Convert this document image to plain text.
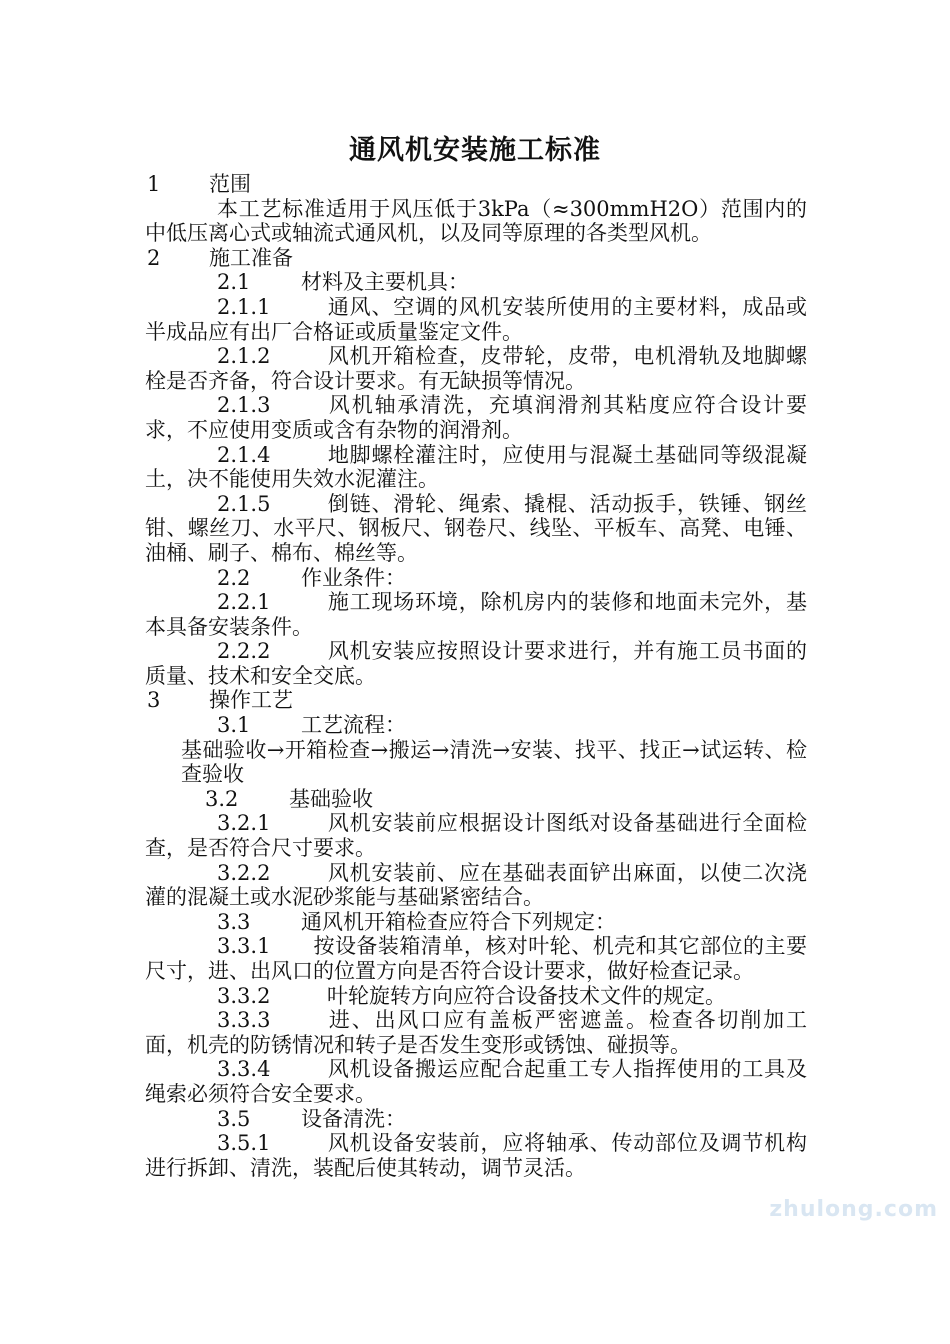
通风机安装施工标准

1 范围

本工艺标准适用于风压低于3kPa（≈300mmH2O）范围内的中低压离心式或轴流式通风机，以及同等原理的各类型风机。

2 施工准备

2.1 材料及主要机具：

2.1.1	通风、空调的风机安装所使用的主要材料，成品或半成品应有出厂合格证或质量鉴定文件。

2.1.2	风机开箱检查，皮带轮，皮带，电机滑轨及地脚螺栓是否齐备，符合设计要求。有无缺损等情况。

2.1.3	风机轴承清洗，充填润滑剂其粘度应符合设计要求，不应使用变质或含有杂物的润滑剂。

2.1.4	地脚螺栓灌注时，应使用与混凝土基础同等级混凝土，决不能使用失效水泥灌注。

2.1.5	倒链、滑轮、绳索、撬棍、活动扳手，铁锤、钢丝钳、螺丝刀、水平尺、钢板尺、钢卷尺、线坠、平板车、高凳、电锤、油桶、刷子、棉布、棉丝等。

2.2 作业条件：

2.2.1	施工现场环境，除机房内的装修和地面未完外，基本具备安装条件。

2.2.2	风机安装应按照设计要求进行，并有施工员书面的质量、技术和安全交底。

3 操作工艺

3.1 工艺流程：

基础验收→开箱检查→搬运→清洗→安装、找平、找正→试运转、检查验收

3.2 基础验收

3.2.1	风机安装前应根据设计图纸对设备基础进行全面检查，是否符合尺寸要求。

3.2.2	风机安装前、应在基础表面铲出麻面，以使二次浇灌的混凝土或水泥砂浆能与基础紧密结合。

3.3 通风机开箱检查应符合下列规定：

3.3.1 按设备装箱清单，核对叶轮、机壳和其它部位的主要尺寸，进、出风口的位置方向是否符合设计要求，做好检查记录。

3.3.2	叶轮旋转方向应符合设备技术文件的规定。

3.3.3	进、出风口应有盖板严密遮盖。检查各切削加工面，机壳的防锈情况和转子是否发生变形或锈蚀、碰损等。

3.3.4	风机设备搬运应配合起重工专人指挥使用的工具及绳索必须符合安全要求。

3.5 设备清洗：

3.5.1	风机设备安装前，应将轴承、传动部位及调节机构进行拆卸、清洗，装配后使其转动，调节灵活。

zhulong.com
